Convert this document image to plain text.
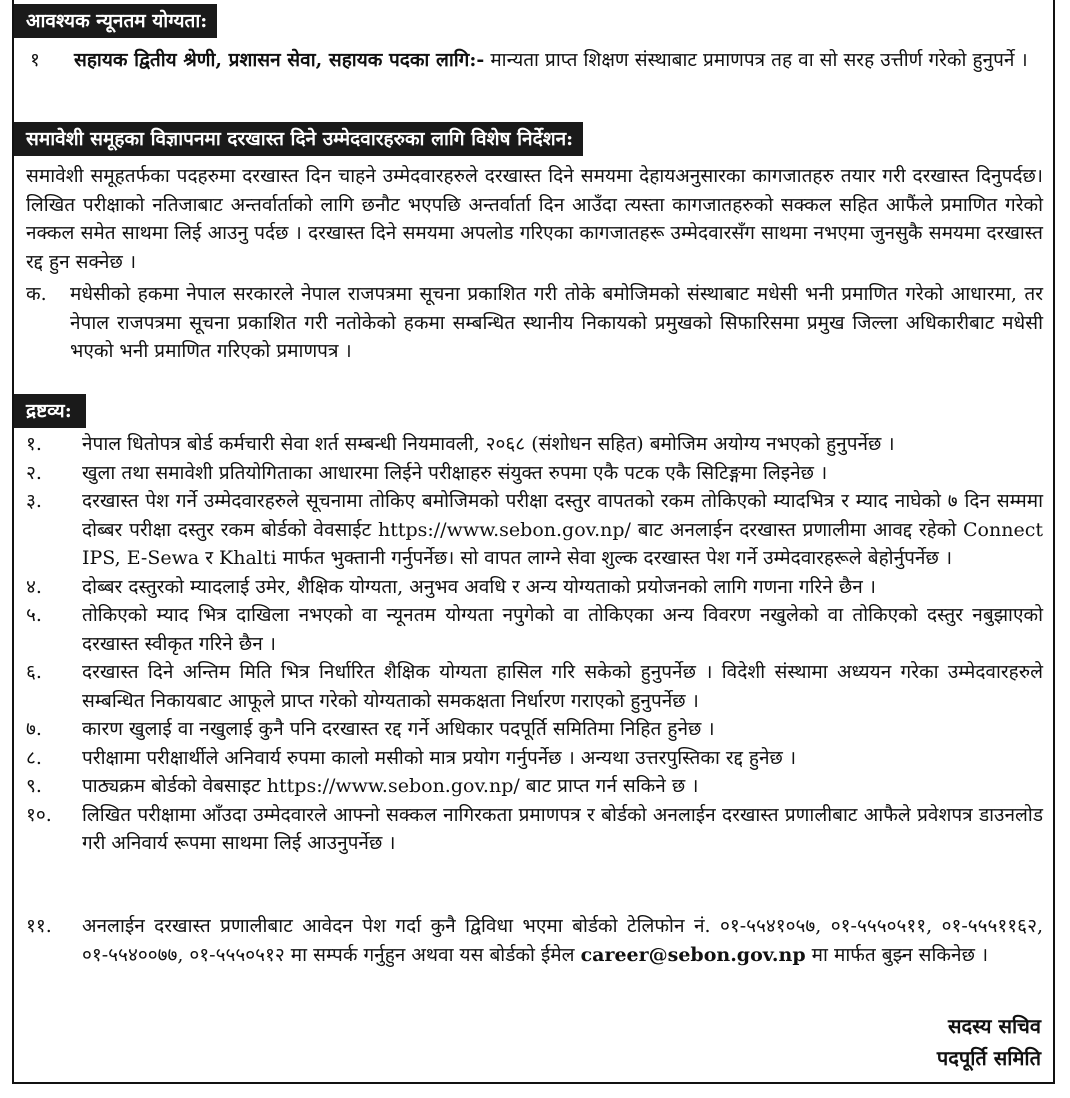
आवश्यक न्यूनतम योग्यता:
१	सहायक द्वितीय श्रेणी, प्रशासन सेवा, सहायक पदका लागि:- मान्यता प्राप्त शिक्षण संस्थाबाट प्रमाणपत्र तह वा सो सरह उत्तीर्ण गरेको हुनुपर्ने ।
समावेशी समूहका विज्ञापनमा दरखास्त दिने उम्मेदवारहरुका लागि विशेष निर्देशन:
समावेशी समूहतर्फका पदहरुमा दरखास्त दिन चाहने उम्मेदवारहरुले दरखास्त दिने समयमा देहायअनुसारका कागजातहरु तयार गरी दरखास्त दिनुपर्दछ। लिखित परीक्षाको नतिजाबाट अन्तर्वार्ताको लागि छनौट भएपछि अन्तर्वार्ता दिन आउँदा त्यस्ता कागजातहरुको सक्कल सहित आफैंले प्रमाणित गरेको नक्कल समेत साथमा लिई आउनु पर्दछ । दरखास्त दिने समयमा अपलोड गरिएका कागजातहरू उम्मेदवारसँग साथमा नभएमा जुनसुकै समयमा दरखास्त रद्द हुन सक्नेछ ।
क.	मधेसीको हकमा नेपाल सरकारले नेपाल राजपत्रमा सूचना प्रकाशित गरी तोके बमोजिमको संस्थाबाट मधेसी भनी प्रमाणित गरेको आधारमा, तर नेपाल राजपत्रमा सूचना प्रकाशित गरी नतोकेको हकमा सम्बन्धित स्थानीय निकायको प्रमुखको सिफारिसमा प्रमुख जिल्ला अधिकारीबाट मधेसी भएको भनी प्रमाणित गरिएको प्रमाणपत्र ।
द्रष्टव्य:
१.	नेपाल धितोपत्र बोर्ड कर्मचारी सेवा शर्त सम्बन्धी नियमावली, २०६८ (संशोधन सहित) बमोजिम अयोग्य नभएको हुनुपर्नेछ ।
२.	खुला तथा समावेशी प्रतियोगिताका आधारमा लिईने परीक्षाहरु संयुक्त रुपमा एकै पटक एकै सिटिङ्गमा लिइनेछ ।
३.	दरखास्त पेश गर्ने उम्मेदवारहरुले सूचनामा तोकिए बमोजिमको परीक्षा दस्तुर वापतको रकम तोकिएको म्यादभित्र र म्याद नाघेको ७ दिन सम्ममा दोब्बर परीक्षा दस्तुर रकम बोर्डको वेवसाईट https://www.sebon.gov.np/ बाट अनलाईन दरखास्त प्रणालीमा आवद्द रहेको Connect IPS, E-Sewa र Khalti मार्फत भुक्तानी गर्नुपर्नेछ। सो वापत लाग्ने सेवा शुल्क दरखास्त पेश गर्ने उम्मेदवारहरूले बेहोर्नुपर्नेछ ।
४.	दोब्बर दस्तुरको म्यादलाई उमेर, शैक्षिक योग्यता, अनुभव अवधि र अन्य योग्यताको प्रयोजनको लागि गणना गरिने छैन ।
५.	तोकिएको म्याद भित्र दाखिला नभएको वा न्यूनतम योग्यता नपुगेको वा तोकिएका अन्य विवरण नखुलेको वा तोकिएको दस्तुर नबुझाएको दरखास्त स्वीकृत गरिने छैन ।
६.	दरखास्त दिने अन्तिम मिति भित्र निर्धारित शैक्षिक योग्यता हासिल गरि सकेको हुनुपर्नेछ । विदेशी संस्थामा अध्ययन गरेका उम्मेदवारहरुले सम्बन्धित निकायबाट आफूले प्राप्त गरेको योग्यताको समकक्षता निर्धारण गराएको हुनुपर्नेछ ।
७.	कारण खुलाई वा नखुलाई कुनै पनि दरखास्त रद्द गर्ने अधिकार पदपूर्ति समितिमा निहित हुनेछ ।
८.	परीक्षामा परीक्षार्थीले अनिवार्य रुपमा कालो मसीको मात्र प्रयोग गर्नुपर्नेछ । अन्यथा उत्तरपुस्तिका रद्द हुनेछ ।
९.	पाठ्यक्रम बोर्डको वेबसाइट https://www.sebon.gov.np/ बाट प्राप्त गर्न सकिने छ ।
१०.	लिखित परीक्षामा आँउदा उम्मेदवारले आफ्नो सक्कल नागिरकता प्रमाणपत्र र बोर्डको अनलाईन दरखास्त प्रणालीबाट आफैले प्रवेशपत्र डाउनलोड गरी अनिवार्य रूपमा साथमा लिई आउनुपर्नेछ ।
११.	अनलाईन दरखास्त प्रणालीबाट आवेदन पेश गर्दा कुनै द्विविधा भएमा बोर्डको टेलिफोन नं. ०१-५५४१०५७, ०१-५५५०५११, ०१-५५५११६२, ०१-५५४००७७, ०१-५५५०५१२ मा सम्पर्क गर्नुहुन अथवा यस बोर्डको ईमेल career@sebon.gov.np मा मार्फत बुझ्न सकिनेछ ।
सदस्य सचिव
पदपूर्ति समिति
